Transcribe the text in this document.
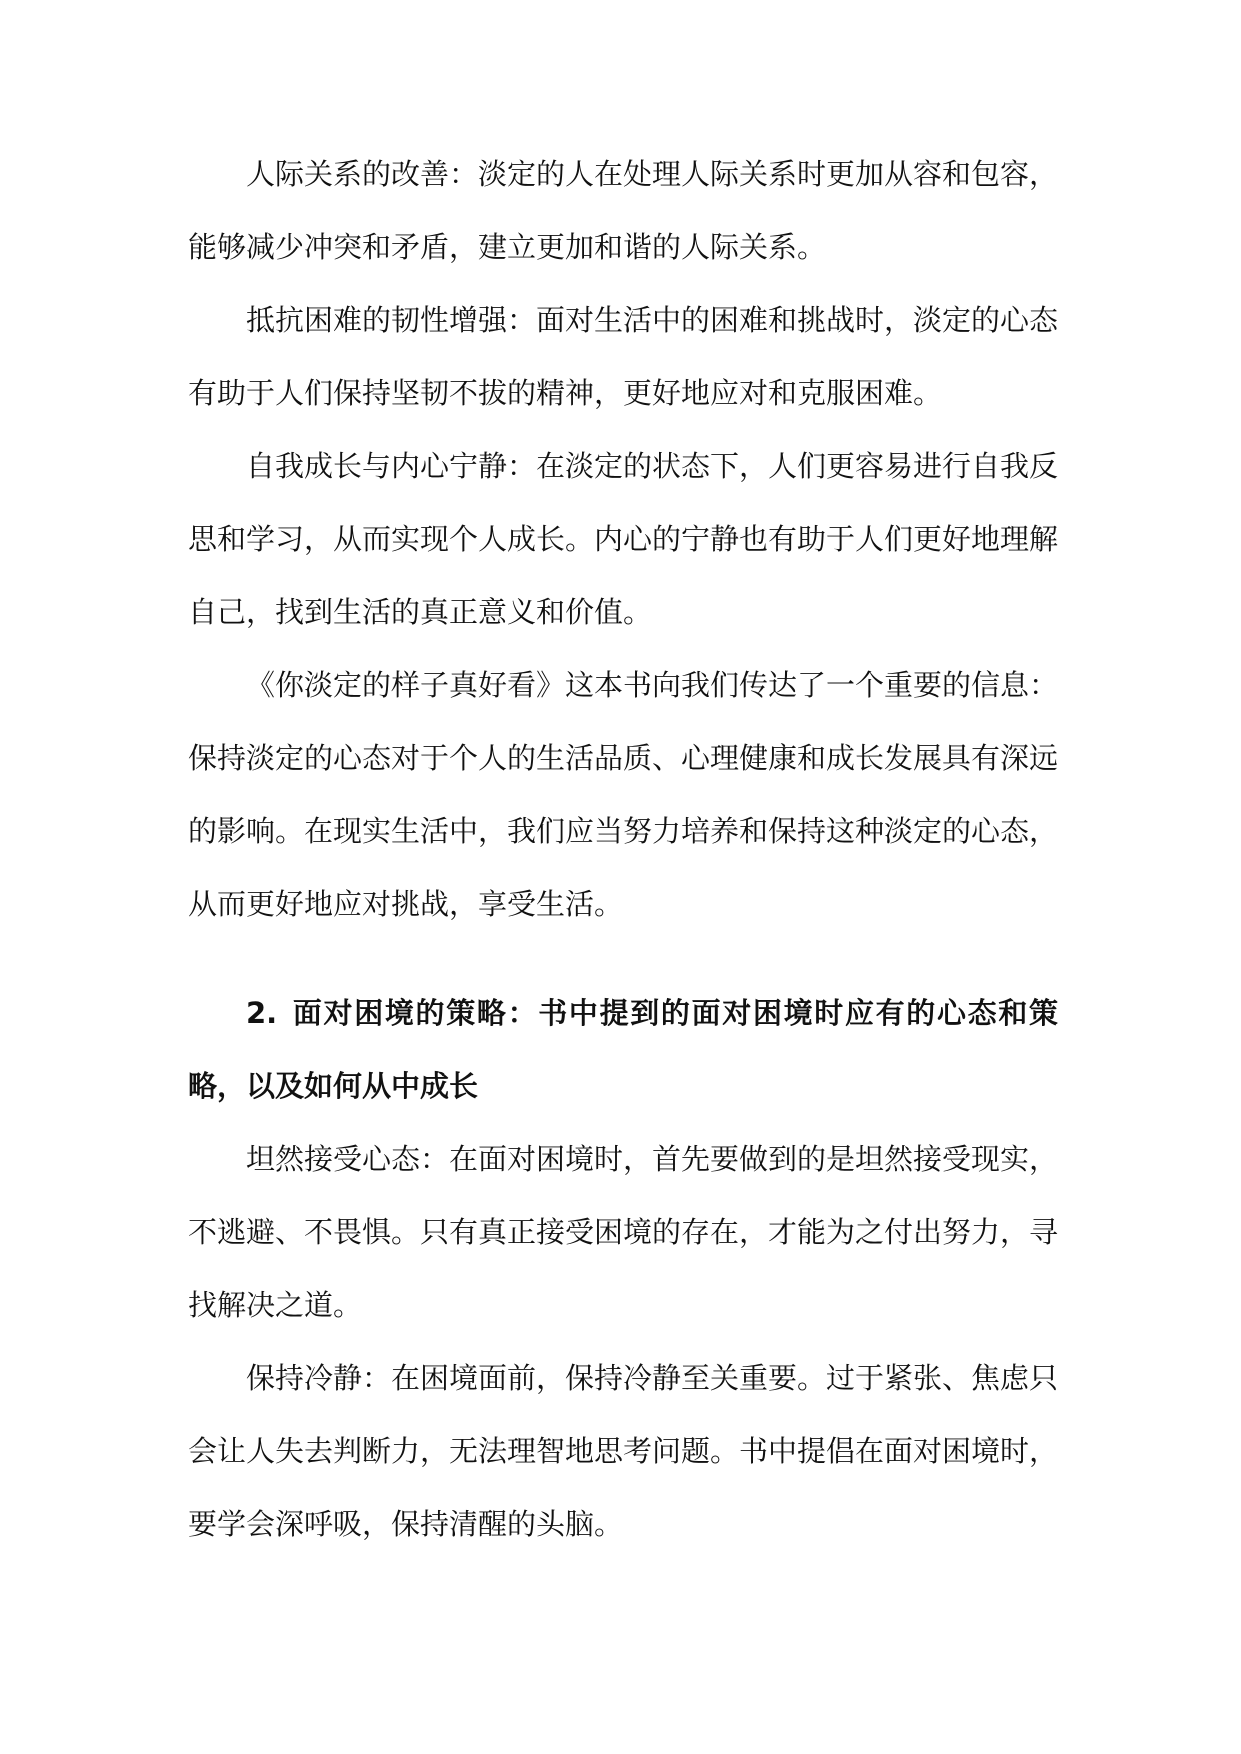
人际关系的改善：淡定的人在处理人际关系时更加从容和包容，能够减少冲突和矛盾，建立更加和谐的人际关系。

抵抗困难的韧性增强：面对生活中的困难和挑战时，淡定的心态有助于人们保持坚韧不拔的精神，更好地应对和克服困难。

自我成长与内心宁静：在淡定的状态下，人们更容易进行自我反思和学习，从而实现个人成长。内心的宁静也有助于人们更好地理解自己，找到生活的真正意义和价值。

《你淡定的样子真好看》这本书向我们传达了一个重要的信息：保持淡定的心态对于个人的生活品质、心理健康和成长发展具有深远的影响。在现实生活中，我们应当努力培养和保持这种淡定的心态，从而更好地应对挑战，享受生活。

2. 面对困境的策略：书中提到的面对困境时应有的心态和策略，以及如何从中成长

坦然接受心态：在面对困境时，首先要做到的是坦然接受现实，不逃避、不畏惧。只有真正接受困境的存在，才能为之付出努力，寻找解决之道。

保持冷静：在困境面前，保持冷静至关重要。过于紧张、焦虑只会让人失去判断力，无法理智地思考问题。书中提倡在面对困境时，要学会深呼吸，保持清醒的头脑。
